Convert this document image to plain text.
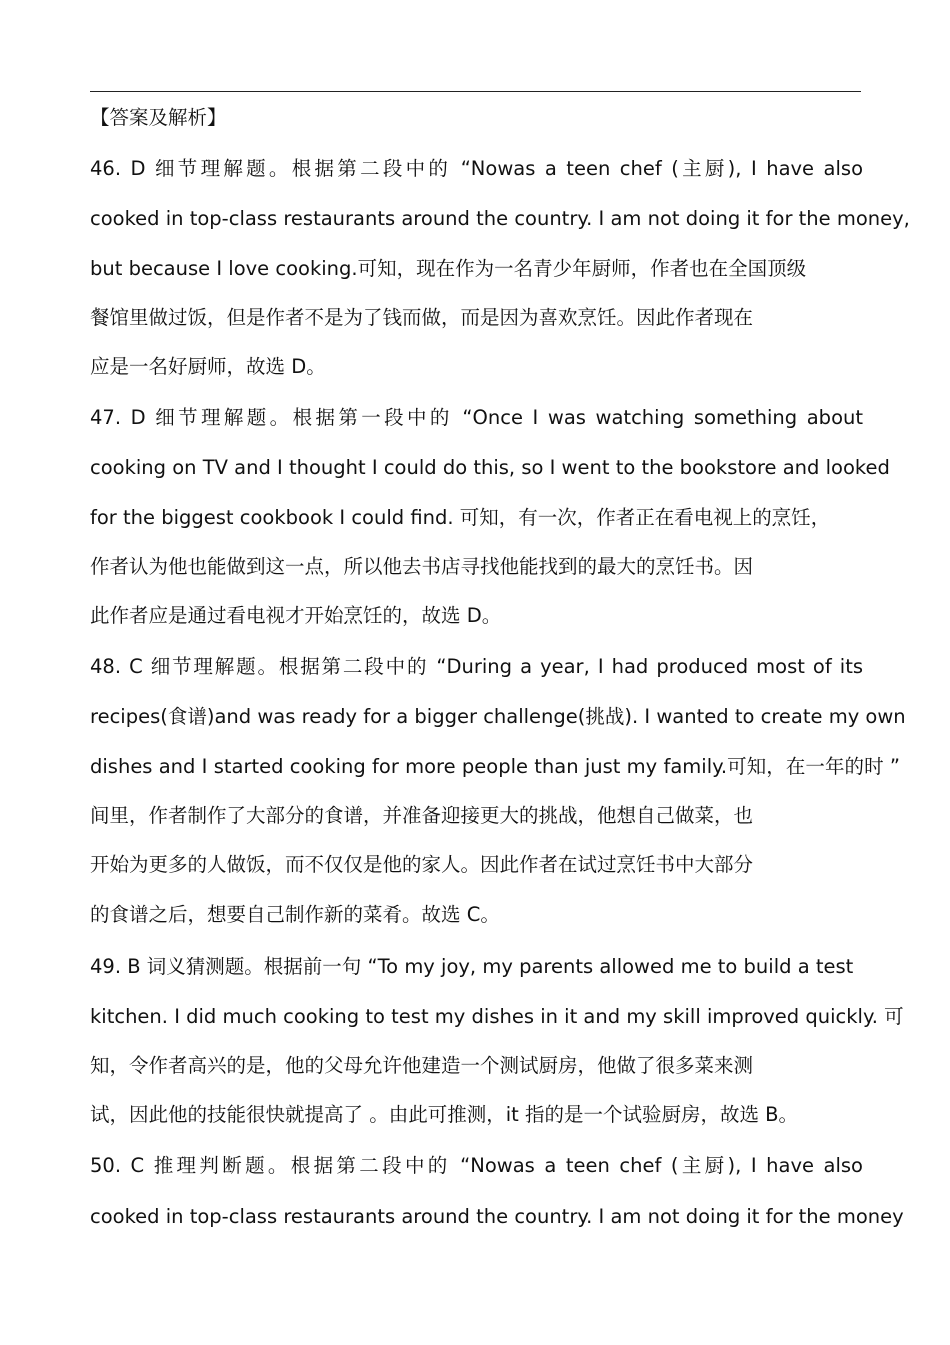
【答案及解析】
46. D 细节理解题。根据第二段中的 “Nowas a teen chef (主厨), I have also
cooked in top-class restaurants around the country. I am not doing it for the money,
but because I love cooking.可知，现在作为一名青少年厨师，作者也在全国顶级
餐馆里做过饭，但是作者不是为了钱而做，而是因为喜欢烹饪。因此作者现在
应是一名好厨师，故选 D。
47. D 细节理解题。根据第一段中的 “Once I was watching something about
cooking on TV and I thought I could do this, so I went to the bookstore and looked
for the biggest cookbook I could find. 可知，有一次，作者正在看电视上的烹饪，
作者认为他也能做到这一点，所以他去书店寻找他能找到的最大的烹饪书。因
此作者应是通过看电视才开始烹饪的，故选 D。
48. C 细节理解题。根据第二段中的 “During a year, I had produced most of its
recipes(食谱)and was ready for a bigger challenge(挑战). I wanted to create my own
dishes and I started cooking for more people than just my family.可知，在一年的时 ”
间里，作者制作了大部分的食谱，并准备迎接更大的挑战，他想自己做菜，也
开始为更多的人做饭，而不仅仅是他的家人。因此作者在试过烹饪书中大部分
的食谱之后，想要自己制作新的菜肴。故选 C。
49. B 词义猜测题。根据前一句 “To my joy, my parents allowed me to build a test
kitchen. I did much cooking to test my dishes in it and my skill improved quickly. 可
知，令作者高兴的是，他的父母允许他建造一个测试厨房，他做了很多菜来测
试，因此他的技能很快就提高了 。由此可推测，it 指的是一个试验厨房，故选 B。
50. C 推理判断题。根据第二段中的 “Nowas a teen chef (主厨), I have also
cooked in top-class restaurants around the country. I am not doing it for the money
